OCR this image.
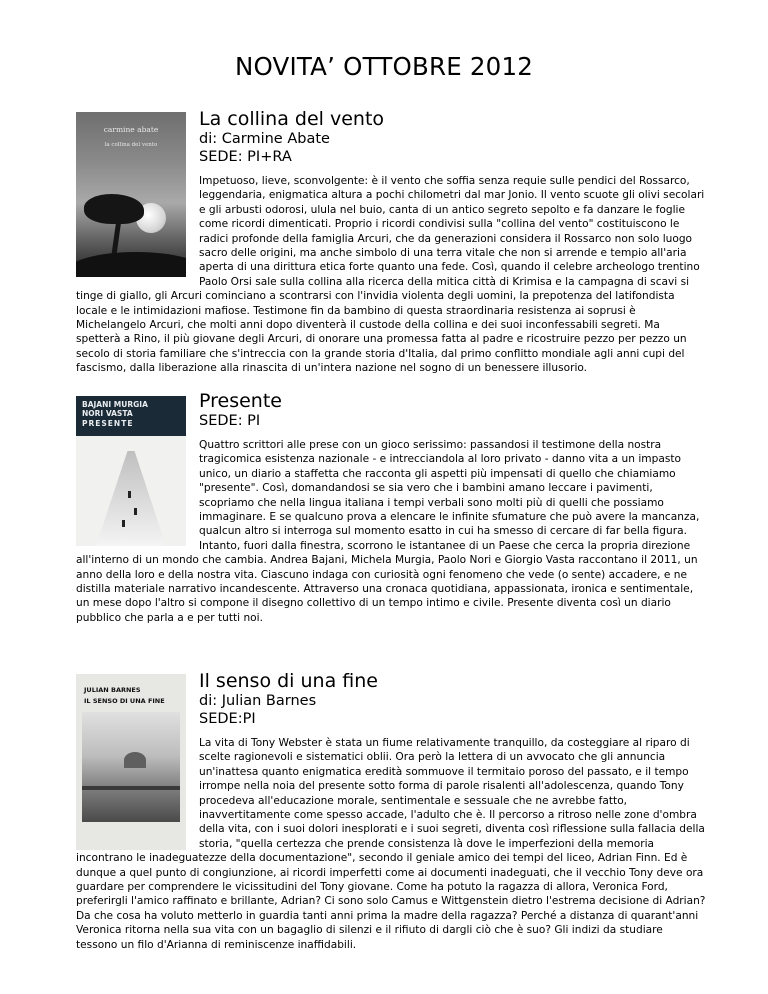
NOVITA’ OTTOBRE 2012
carmine abate
la collina del vento

La collina del vento

di: Carmine Abate

SEDE: PI+RA

Impetuoso, lieve, sconvolgente: è il vento che soffia senza requie sulle pendici del Rossarco, leggendaria, enigmatica altura a pochi chilometri dal mar Jonio. Il vento scuote gli olivi secolari e gli arbusti odorosi, ulula nel buio, canta di un antico segreto sepolto e fa danzare le foglie come ricordi dimenticati. Proprio i ricordi condivisi sulla "collina del vento" costituiscono le radici profonde della famiglia Arcuri, che da generazioni considera il Rossarco non solo luogo sacro delle origini, ma anche simbolo di una terra vitale che non si arrende e tempio all'aria aperta di una dirittura etica forte quanto una fede. Così, quando il celebre archeologo trentino Paolo Orsi sale sulla collina alla ricerca della mitica città di Krimisa e la campagna di scavi si tinge di giallo, gli Arcuri cominciano a scontrarsi con l'invidia violenta degli uomini, la prepotenza del latifondista locale e le intimidazioni mafiose. Testimone fin da bambino di questa straordinaria resistenza ai soprusi è Michelangelo Arcuri, che molti anni dopo diventerà il custode della collina e dei suoi inconfessabili segreti. Ma spetterà a Rino, il più giovane degli Arcuri, di onorare una promessa fatta al padre e ricostruire pezzo per pezzo un secolo di storia familiare che s'intreccia con la grande storia d'Italia, dal primo conflitto mondiale agli anni cupi del fascismo, dalla liberazione alla rinascita di un'intera nazione nel sogno di un benessere illusorio.

BAJANI MURGIA NORI VASTA
PRESENTE

Presente

SEDE: PI

Quattro scrittori alle prese con un gioco serissimo: passandosi il testimone della nostra tragicomica esistenza nazionale - e intrecciandola al loro privato - danno vita a un impasto unico, un diario a staffetta che racconta gli aspetti più impensati di quello che chiamiamo "presente". Così, domandandosi se sia vero che i bambini amano leccare i pavimenti, scopriamo che nella lingua italiana i tempi verbali sono molti più di quelli che possiamo immaginare. E se qualcuno prova a elencare le infinite sfumature che può avere la mancanza, qualcun altro si interroga sul momento esatto in cui ha smesso di cercare di far bella figura. Intanto, fuori dalla finestra, scorrono le istantanee di un Paese che cerca la propria direzione all'interno di un mondo che cambia. Andrea Bajani, Michela Murgia, Paolo Nori e Giorgio Vasta raccontano il 2011, un anno della loro e della nostra vita. Ciascuno indaga con curiosità ogni fenomeno che vede (o sente) accadere, e ne distilla materiale narrativo incandescente. Attraverso una cronaca quotidiana, appassionata, ironica e sentimentale, un mese dopo l'altro si compone il disegno collettivo di un tempo intimo e civile. Presente diventa così un diario pubblico che parla a e per tutti noi.

JULIAN BARNES
IL SENSO DI UNA FINE

Il senso di una fine

di: Julian Barnes

SEDE:PI

La vita di Tony Webster è stata un fiume relativamente tranquillo, da costeggiare al riparo di scelte ragionevoli e sistematici oblii. Ora però la lettera di un avvocato che gli annuncia un'inattesa quanto enigmatica eredità sommuove il termitaio poroso del passato, e il tempo irrompe nella noia del presente sotto forma di parole risalenti all'adolescenza, quando Tony procedeva all'educazione morale, sentimentale e sessuale che ne avrebbe fatto, inavvertitamente come spesso accade, l'adulto che è. Il percorso a ritroso nelle zone d'ombra della vita, con i suoi dolori inesplorati e i suoi segreti, diventa così riflessione sulla fallacia della storia, "quella certezza che prende consistenza là dove le imperfezioni della memoria incontrano le inadeguatezze della documentazione", secondo il geniale amico dei tempi del liceo, Adrian Finn. Ed è dunque a quel punto di congiunzione, ai ricordi imperfetti come ai documenti inadeguati, che il vecchio Tony deve ora guardare per comprendere le vicissitudini del Tony giovane. Come ha potuto la ragazza di allora, Veronica Ford, preferirgli l'amico raffinato e brillante, Adrian? Ci sono solo Camus e Wittgenstein dietro l'estrema decisione di Adrian? Da che cosa ha voluto metterlo in guardia tanti anni prima la madre della ragazza? Perché a distanza di quarant'anni Veronica ritorna nella sua vita con un bagaglio di silenzi e il rifiuto di dargli ciò che è suo? Gli indizi da studiare tessono un filo d'Arianna di reminiscenze inaffidabili.
